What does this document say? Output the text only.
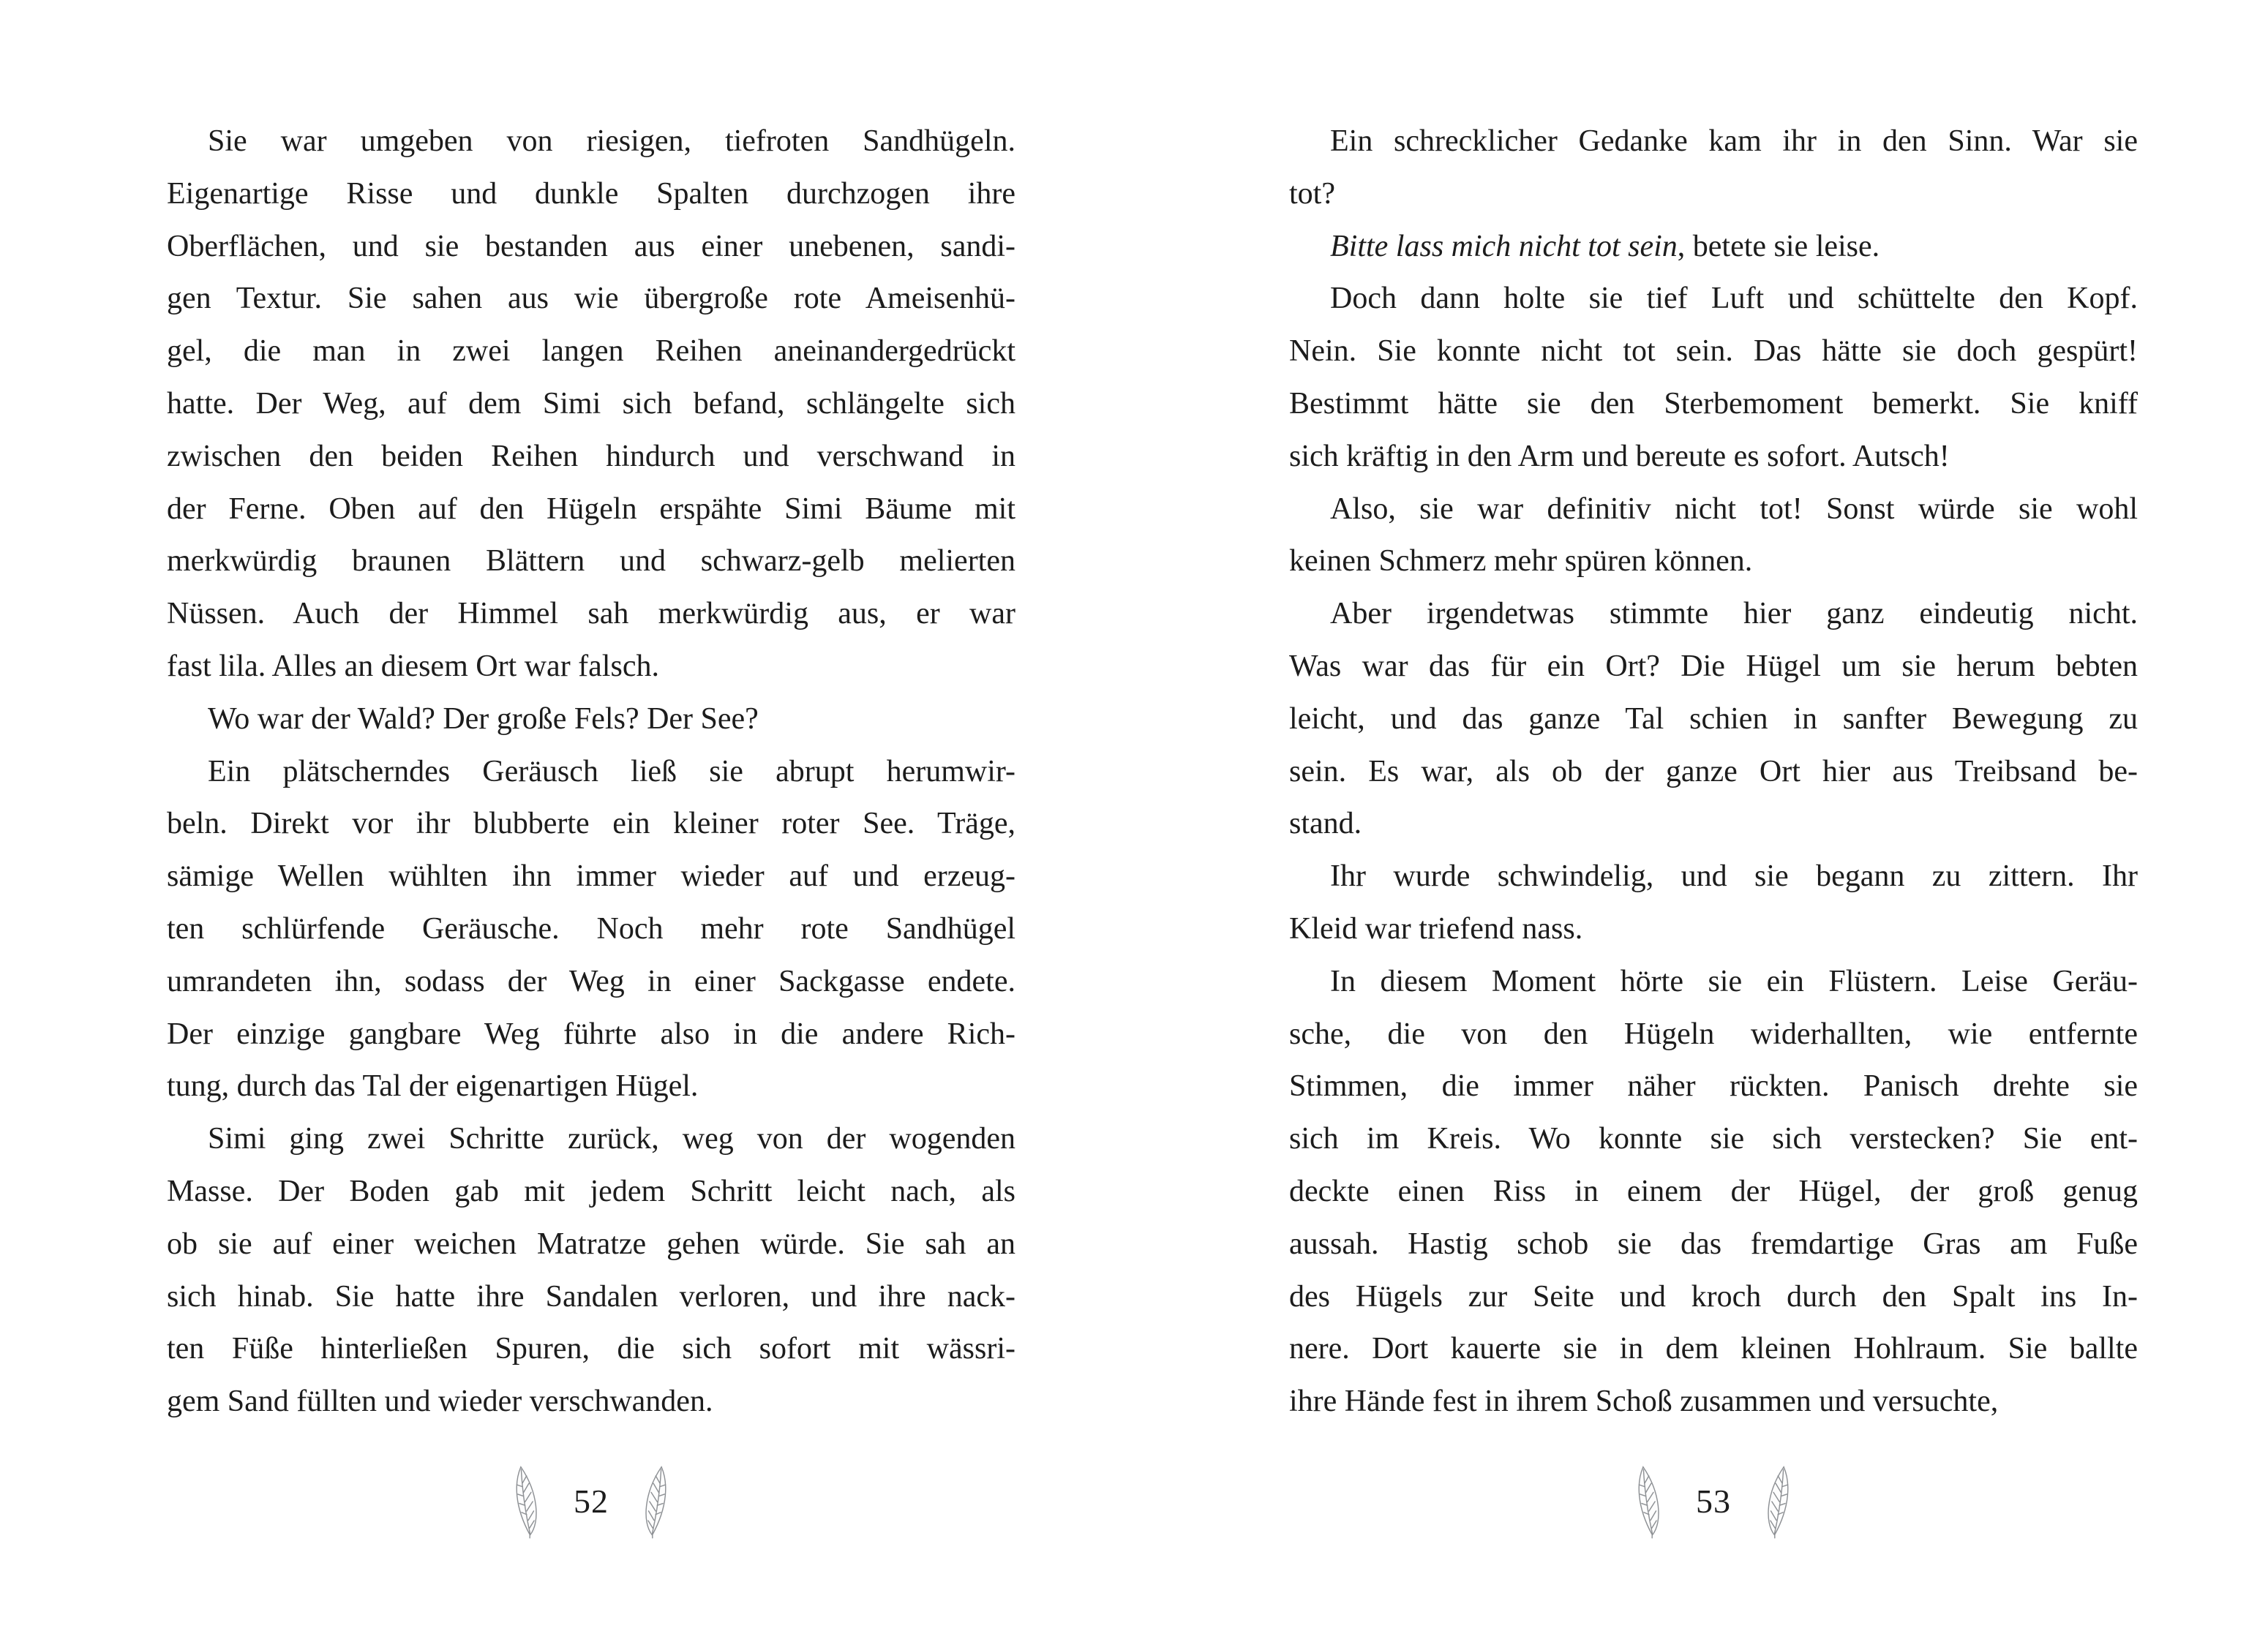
Sie war umgeben von riesigen, tiefroten Sandhügeln.
Eigenartige Risse und dunkle Spalten durchzogen ihre
Oberflächen, und sie bestanden aus einer unebenen, sandi-
gen Textur. Sie sahen aus wie übergroße rote Ameisenhü-
gel, die man in zwei langen Reihen aneinandergedrückt
hatte. Der Weg, auf dem Simi sich befand, schlängelte sich
zwischen den beiden Reihen hindurch und verschwand in
der Ferne. Oben auf den Hügeln erspähte Simi Bäume mit
merkwürdig braunen Blättern und schwarz-gelb melierten
Nüssen. Auch der Himmel sah merkwürdig aus, er war
fast lila. Alles an diesem Ort war falsch.
Wo war der Wald? Der große Fels? Der See?
Ein plätscherndes Geräusch ließ sie abrupt herumwir-
beln. Direkt vor ihr blubberte ein kleiner roter See. Träge,
sämige Wellen wühlten ihn immer wieder auf und erzeug-
ten schlürfende Geräusche. Noch mehr rote Sandhügel
umrandeten ihn, sodass der Weg in einer Sackgasse endete.
Der einzige gangbare Weg führte also in die andere Rich-
tung, durch das Tal der eigenartigen Hügel.
Simi ging zwei Schritte zurück, weg von der wogenden
Masse. Der Boden gab mit jedem Schritt leicht nach, als
ob sie auf einer weichen Matratze gehen würde. Sie sah an
sich hinab. Sie hatte ihre Sandalen verloren, und ihre nack-
ten Füße hinterließen Spuren, die sich sofort mit wässri-
gem Sand füllten und wieder verschwanden.
52
Ein schrecklicher Gedanke kam ihr in den Sinn. War sie
tot?
Bitte lass mich nicht tot sein, betete sie leise.
Doch dann holte sie tief Luft und schüttelte den Kopf.
Nein. Sie konnte nicht tot sein. Das hätte sie doch gespürt!
Bestimmt hätte sie den Sterbemoment bemerkt. Sie kniff
sich kräftig in den Arm und bereute es sofort. Autsch!
Also, sie war definitiv nicht tot! Sonst würde sie wohl
keinen Schmerz mehr spüren können.
Aber irgendetwas stimmte hier ganz eindeutig nicht.
Was war das für ein Ort? Die Hügel um sie herum bebten
leicht, und das ganze Tal schien in sanfter Bewegung zu
sein. Es war, als ob der ganze Ort hier aus Treibsand be-
stand.
Ihr wurde schwindelig, und sie begann zu zittern. Ihr
Kleid war triefend nass.
In diesem Moment hörte sie ein Flüstern. Leise Geräu-
sche, die von den Hügeln widerhallten, wie entfernte
Stimmen, die immer näher rückten. Panisch drehte sie
sich im Kreis. Wo konnte sie sich verstecken? Sie ent-
deckte einen Riss in einem der Hügel, der groß genug
aussah. Hastig schob sie das fremdartige Gras am Fuße
des Hügels zur Seite und kroch durch den Spalt ins In-
nere. Dort kauerte sie in dem kleinen Hohlraum. Sie ballte
ihre Hände fest in ihrem Schoß zusammen und versuchte,
53
